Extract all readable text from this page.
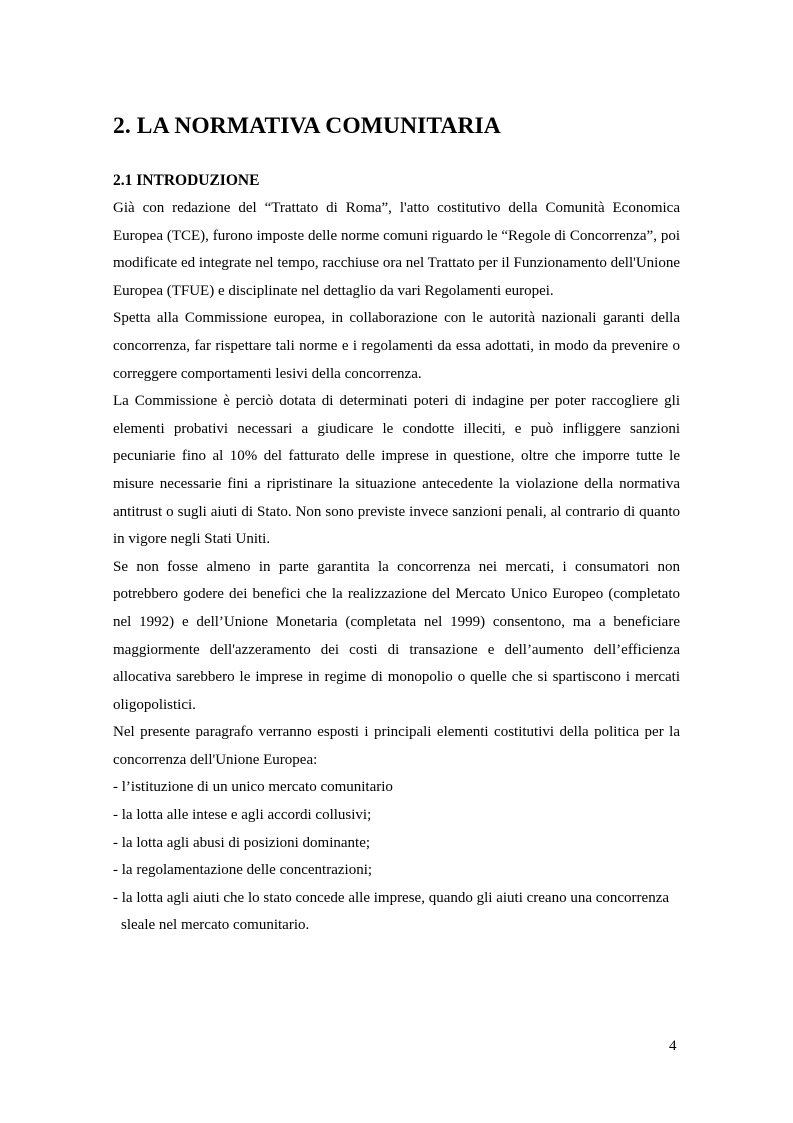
2. LA NORMATIVA COMUNITARIA
2.1 INTRODUZIONE

Già con redazione del “Trattato di Roma”, l'atto costitutivo della Comunità Economica Europea (TCE), furono imposte delle norme comuni riguardo le “Regole di Concorrenza”, poi modificate ed integrate nel tempo, racchiuse ora nel Trattato per il Funzionamento dell'Unione Europea (TFUE) e disciplinate nel dettaglio da vari Regolamenti europei.

Spetta alla Commissione europea, in collaborazione con le autorità nazionali garanti della concorrenza, far rispettare tali norme e i regolamenti da essa adottati, in modo da prevenire o correggere comportamenti lesivi della concorrenza.

La Commissione è perciò dotata di determinati poteri di indagine per poter raccogliere gli elementi probativi necessari a giudicare le condotte illeciti, e può infliggere sanzioni pecuniarie fino al 10% del fatturato delle imprese in questione, oltre che imporre tutte le misure necessarie fini a ripristinare la situazione antecedente la violazione della normativa antitrust o sugli aiuti di Stato. Non sono previste invece sanzioni penali, al contrario di quanto in vigore negli Stati Uniti.

Se non fosse almeno in parte garantita la concorrenza nei mercati, i consumatori non potrebbero godere dei benefici che la realizzazione del Mercato Unico Europeo (completato nel 1992) e dell’Unione Monetaria (completata nel 1999) consentono, ma a beneficiare maggiormente dell'azzeramento dei costi di transazione e dell’aumento dell’efficienza allocativa sarebbero le imprese in regime di monopolio o quelle che si spartiscono i mercati oligopolistici.

Nel presente paragrafo verranno esposti i principali elementi costitutivi della politica per la concorrenza dell'Unione Europea:

- l’istituzione di un unico mercato comunitario
- la lotta alle intese e agli accordi collusivi;
- la lotta agli abusi di posizioni dominante;
- la regolamentazione delle concentrazioni;
- la lotta agli aiuti che lo stato concede alle imprese, quando gli aiuti creano una concorrenza sleale nel mercato comunitario.
4
